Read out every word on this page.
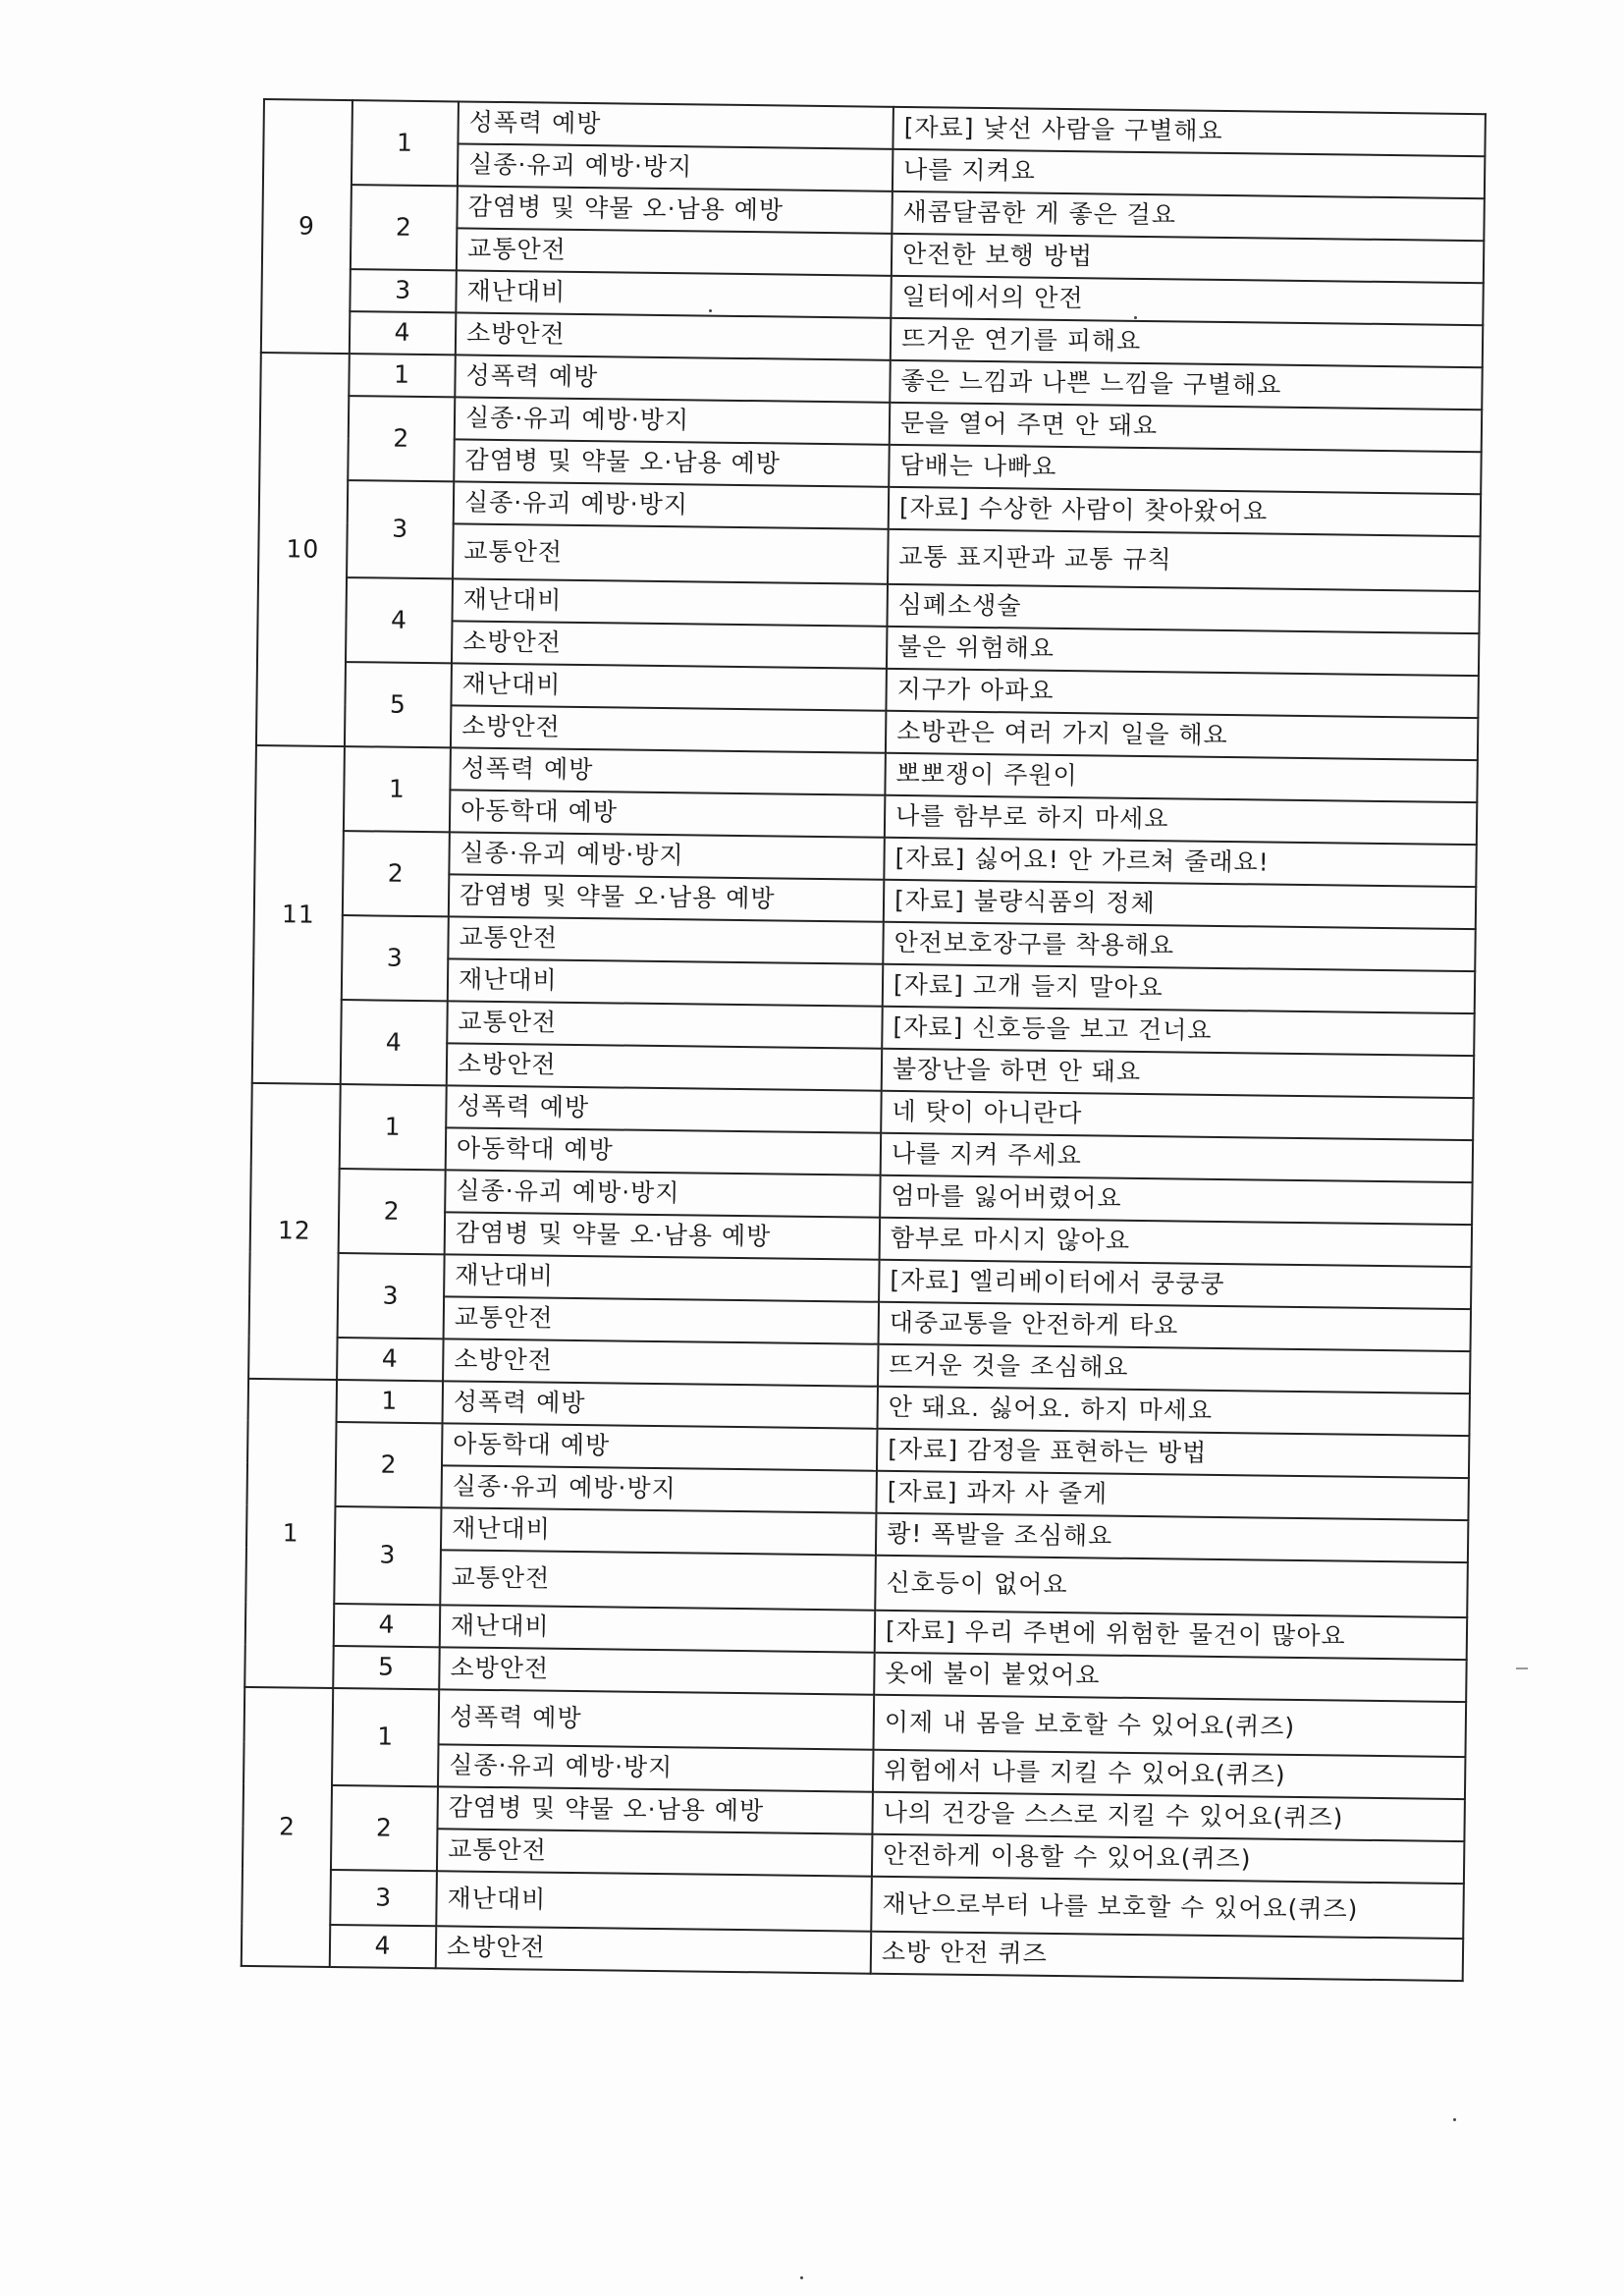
9	1	성폭력 예방	[자료] 낯선 사람을 구별해요
		실종·유괴 예방·방지	나를 지켜요
	2	감염병 및 약물 오·남용 예방	새콤달콤한 게 좋은 걸요
		교통안전	안전한 보행 방법
	3	재난대비	일터에서의 안전
	4	소방안전	뜨거운 연기를 피해요
10	1	성폭력 예방	좋은 느낌과 나쁜 느낌을 구별해요
	2	실종·유괴 예방·방지	문을 열어 주면 안 돼요
		감염병 및 약물 오·남용 예방	담배는 나빠요
	3	실종·유괴 예방·방지	[자료] 수상한 사람이 찾아왔어요
		교통안전	교통 표지판과 교통 규칙
	4	재난대비	심폐소생술
		소방안전	불은 위험해요
	5	재난대비	지구가 아파요
		소방안전	소방관은 여러 가지 일을 해요
11	1	성폭력 예방	뽀뽀쟁이 주원이
		아동학대 예방	나를 함부로 하지 마세요
	2	실종·유괴 예방·방지	[자료] 싫어요! 안 가르쳐 줄래요!
		감염병 및 약물 오·남용 예방	[자료] 불량식품의 정체
	3	교통안전	안전보호장구를 착용해요
		재난대비	[자료] 고개 들지 말아요
	4	교통안전	[자료] 신호등을 보고 건너요
		소방안전	불장난을 하면 안 돼요
12	1	성폭력 예방	네 탓이 아니란다
		아동학대 예방	나를 지켜 주세요
	2	실종·유괴 예방·방지	엄마를 잃어버렸어요
		감염병 및 약물 오·남용 예방	함부로 마시지 않아요
	3	재난대비	[자료] 엘리베이터에서 쿵쿵쿵
		교통안전	대중교통을 안전하게 타요
	4	소방안전	뜨거운 것을 조심해요
1	1	성폭력 예방	안 돼요. 싫어요. 하지 마세요
	2	아동학대 예방	[자료] 감정을 표현하는 방법
		실종·유괴 예방·방지	[자료] 과자 사 줄게
	3	재난대비	쾅! 폭발을 조심해요
		교통안전	신호등이 없어요
	4	재난대비	[자료] 우리 주변에 위험한 물건이 많아요
	5	소방안전	옷에 불이 붙었어요
2	1	성폭력 예방	이제 내 몸을 보호할 수 있어요(퀴즈)
		실종·유괴 예방·방지	위험에서 나를 지킬 수 있어요(퀴즈)
	2	감염병 및 약물 오·남용 예방	나의 건강을 스스로 지킬 수 있어요(퀴즈)
		교통안전	안전하게 이용할 수 있어요(퀴즈)
	3	재난대비	재난으로부터 나를 보호할 수 있어요(퀴즈)
	4	소방안전	소방 안전 퀴즈
